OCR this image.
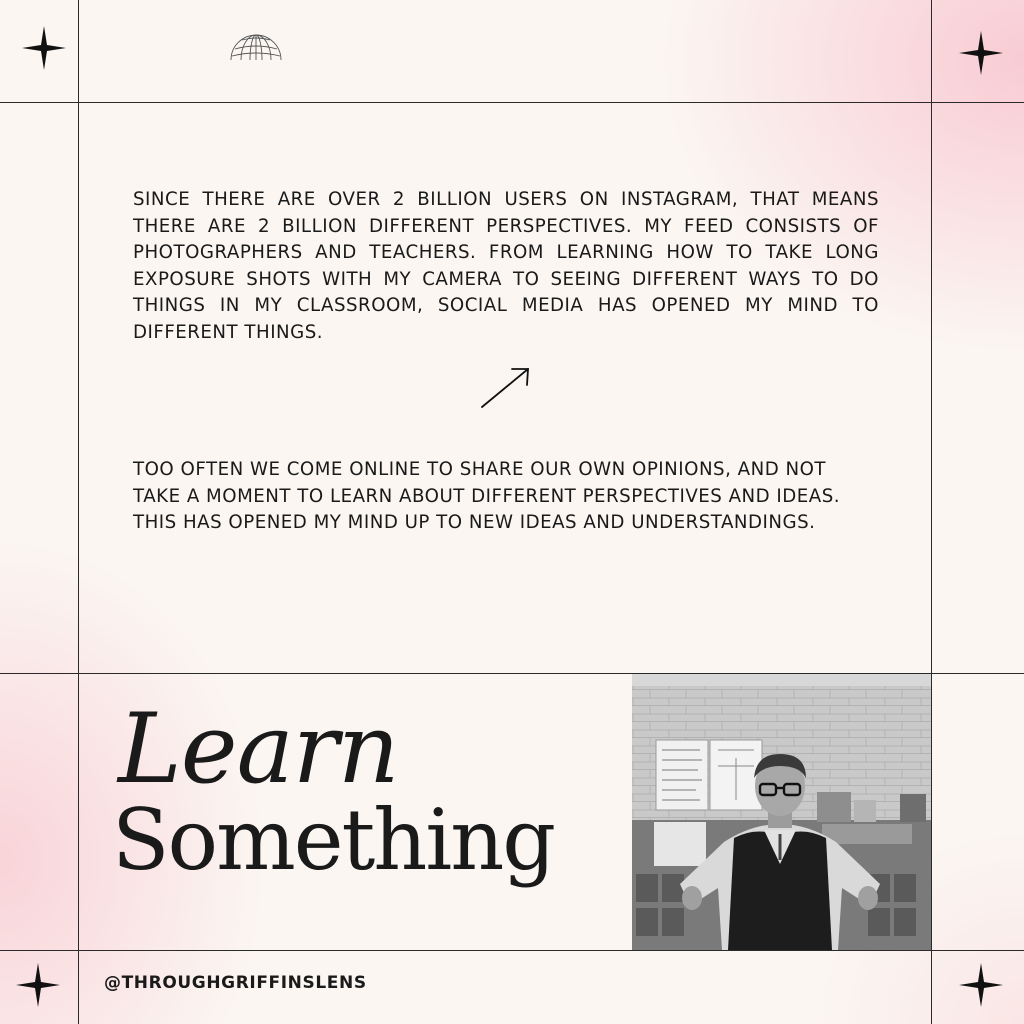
SINCE THERE ARE OVER 2 BILLION USERS ON INSTAGRAM, THAT MEANS THERE ARE 2 BILLION DIFFERENT PERSPECTIVES. MY FEED CONSISTS OF PHOTOGRAPHERS AND TEACHERS. FROM LEARNING HOW TO TAKE LONG EXPOSURE SHOTS WITH MY CAMERA TO SEEING DIFFERENT WAYS TO DO THINGS IN MY CLASSROOM, SOCIAL MEDIA HAS OPENED MY MIND TO DIFFERENT THINGS.
TOO OFTEN WE COME ONLINE TO SHARE OUR OWN OPINIONS, AND NOT TAKE A MOMENT TO LEARN ABOUT DIFFERENT PERSPECTIVES AND IDEAS. THIS HAS OPENED MY MIND UP TO NEW IDEAS AND UNDERSTANDINGS.
Learn
Something
@THROUGHGRIFFINSLENS
